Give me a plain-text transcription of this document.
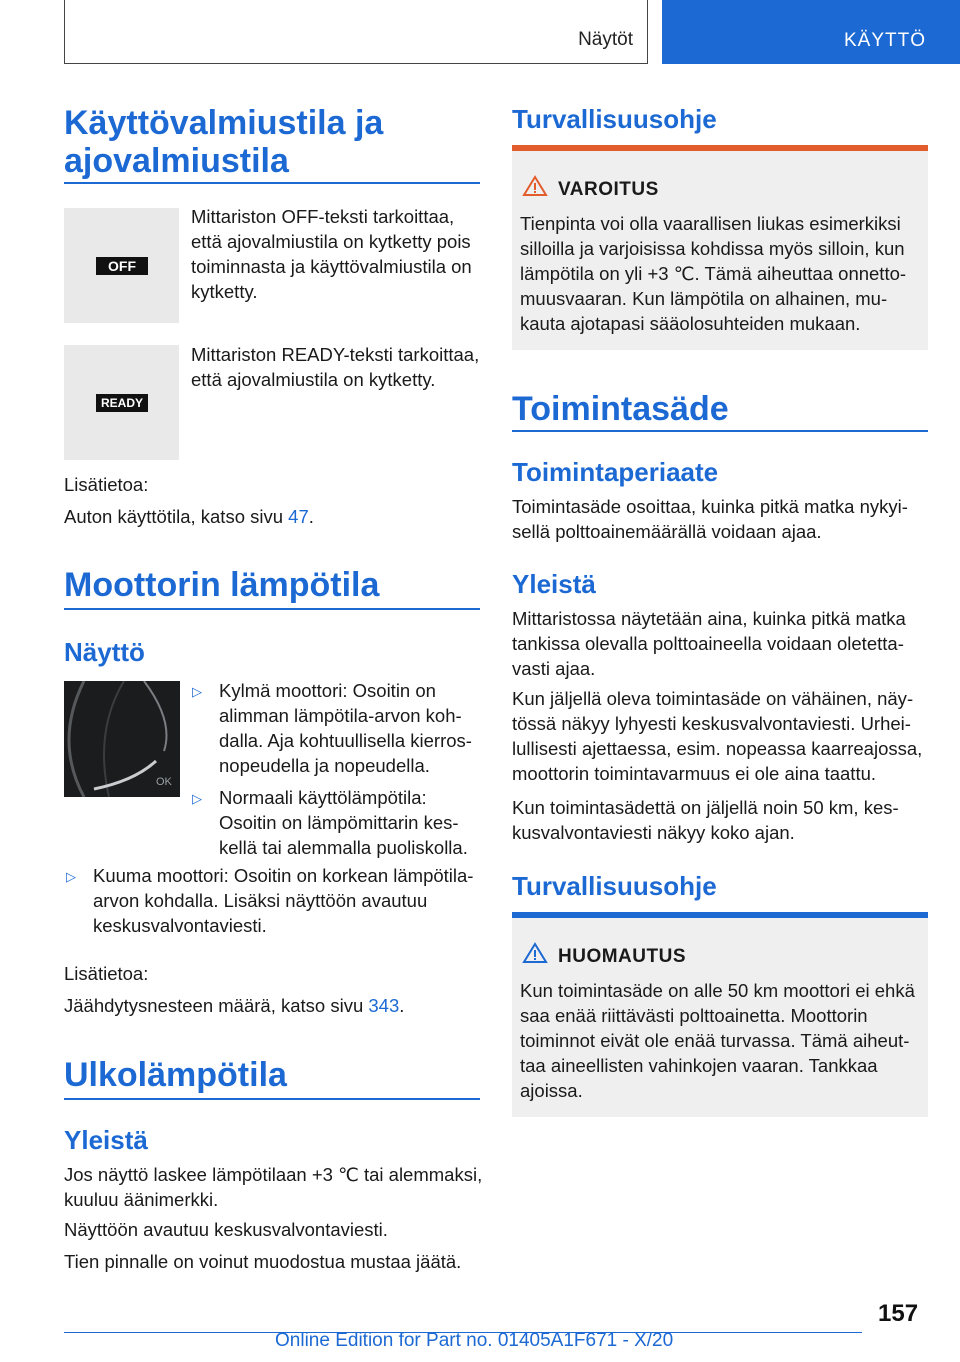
Näytöt	KÄYTTÖ
Käyttövalmiustila ja ajovalmiustila
OFF

Mittariston OFF-teksti tarkoittaa, että ajovalmiustila on kytketty pois toiminnasta ja käyttövalmiustila on kytketty.

READY

Mittariston READY-teksti tarkoittaa, että ajovalmiustila on kytketty.

Lisätietoa:

Auton käyttötila, katso sivu 47.

Moottorin lämpötila
Näyttö
OK
▷ Kylmä moottori: Osoitin on alimman lämpötila-arvon kohdalla. Aja kohtuullisella kierrosnopeudella ja nopeudella.

▷ Normaali käyttölämpötila: Osoitin on lämpömittarin keskellä tai alemmalla puoliskolla.

▷ Kuuma moottori: Osoitin on korkean lämpötila-arvon kohdalla. Lisäksi näyttöön avautuu keskusvalvontaviesti.

Lisätietoa:

Jäähdytysnesteen määrä, katso sivu 343.

Ulkolämpötila
Yleistä

Jos näyttö laskee lämpötilaan +3 ℃ tai alemmaksi, kuuluu äänimerkki.

Näyttöön avautuu keskusvalvontaviesti.

Tien pinnalle on voinut muodostua mustaa jäätä.

Turvallisuusohje
VAROITUS

Tienpinta voi olla vaarallisen liukas esimerkiksi silloilla ja varjoisissa kohdissa myös silloin, kun lämpötila on yli +3 ℃. Tämä aiheuttaa onnettomuusvaaran. Kun lämpötila on alhainen, mukauta ajotapasi sääolosuhteiden mukaan.

Toimintasäde
Toimintaperiaate

Toimintasäde osoittaa, kuinka pitkä matka nykyisellä polttoainemäärällä voidaan ajaa.

Yleistä

Mittaristossa näytetään aina, kuinka pitkä matka tankissa olevalla polttoaineella voidaan oletettavasti ajaa.

Kun jäljellä oleva toimintasäde on vähäinen, näytössä näkyy lyhyesti keskusvalvontaviesti. Urheilullisesti ajettaessa, esim. nopeassa kaarreajossa, moottorin toimintavarmuus ei ole aina taattu.

Kun toimintasädettä on jäljellä noin 50 km, keskusvalvontaviesti näkyy koko ajan.

Turvallisuusohje
HUOMAUTUS

Kun toimintasäde on alle 50 km moottori ei ehkä saa enää riittävästi polttoainetta. Moottorin toiminnot eivät ole enää turvassa. Tämä aiheuttaa aineellisten vahinkojen vaaran. Tankkaa ajoissa.

157
Online Edition for Part no. 01405A1F671 - X/20
